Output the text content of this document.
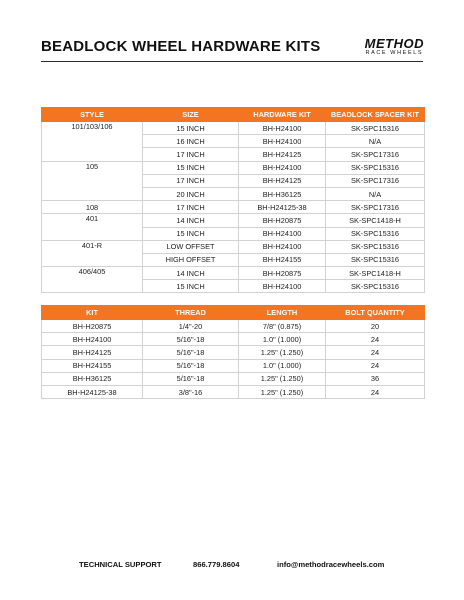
BEADLOCK WHEEL HARDWARE KITS	METHOD
RACE WHEELS
STYLE	SIZE	HARDWARE KIT	BEADLOCK SPACER KIT
101/103/106	15 INCH	BH-H24100	SK-SPC15316
	16 INCH	BH-H24100	N/A
	17 INCH	BH-H24125	SK-SPC17316
105	15 INCH	BH-H24100	SK-SPC15316
	17 INCH	BH-H24125	SK-SPC17316
	20 INCH	BH-H36125	N/A
108	17 INCH	BH-H24125-38	SK-SPC17316
401	14 INCH	BH-H20875	SK-SPC1418-H
	15 INCH	BH-H24100	SK-SPC15316
401-R	LOW OFFSET	BH-H24100	SK-SPC15316
	HIGH OFFSET	BH-H24155	SK-SPC15316
406/405	14 INCH	BH-H20875	SK-SPC1418-H
	15 INCH	BH-H24100	SK-SPC15316
KIT	THREAD	LENGTH	BOLT QUANTITY
BH-H20875	1/4"-20	7/8" (0.875)	20
BH-H24100	5/16"-18	1.0" (1.000)	24
BH-H24125	5/16"-18	1.25" (1.250)	24
BH-H24155	5/16"-18	1.0" (1.000)	24
BH-H36125	5/16"-18	1.25" (1.250)	36
BH-H24125-38	3/8"-16	1.25" (1.250)	24
TECHNICAL SUPPORT	866.779.8604	info@methodracewheels.com
